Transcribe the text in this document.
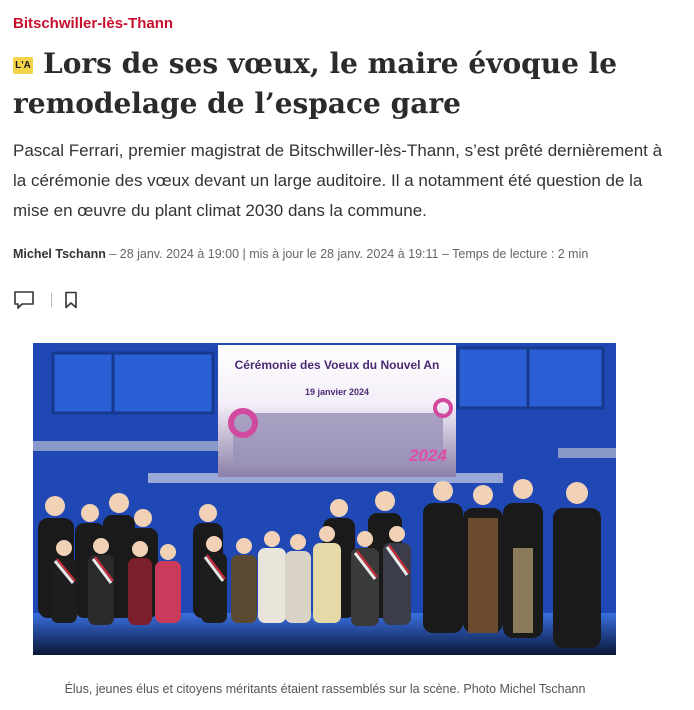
Bitschwiller-lès-Thann
L'A Lors de ses vœux, le maire évoque le remodelage de l’espace gare

Pascal Ferrari, premier magistrat de Bitschwiller-lès-Thann, s’est prêté dernièrement à la cérémonie des vœux devant un large auditoire. Il a notamment été question de la mise en œuvre du plant climat 2030 dans la commune.

Michel Tschann – 28 janv. 2024 à 19:00 | mis à jour le 28 janv. 2024 à 19:11 – Temps de lecture : 2 min
Cérémonie des Voeux du Nouvel An
19 janvier 2024
2024
Élus, jeunes élus et citoyens méritants étaient rassemblés sur la scène. Photo Michel Tschann
